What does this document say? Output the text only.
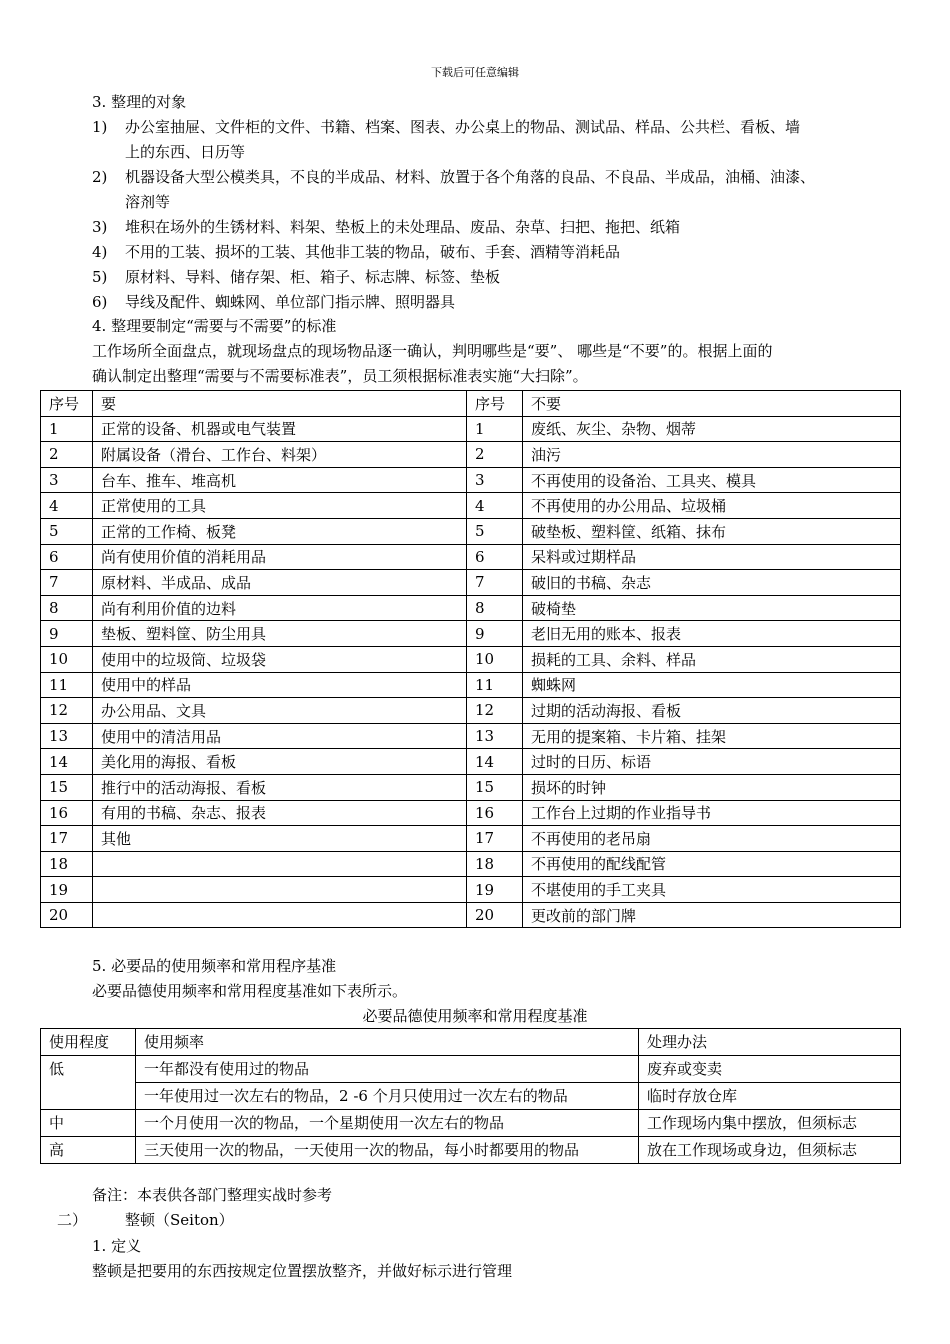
下载后可任意编辑
3. 整理的对象
1) 办公室抽屉、文件柜的文件、书籍、档案、图表、办公桌上的物品、测试品、样品、公共栏、看板、墙
上的东西、日历等
2) 机器设备大型公模类具，不良的半成品、材料、放置于各个角落的良品、不良品、半成品，油桶、油漆、
溶剂等
3) 堆积在场外的生锈材料、料架、垫板上的未处理品、废品、杂草、扫把、拖把、纸箱
4) 不用的工装、损坏的工装、其他非工装的物品，破布、手套、酒精等消耗品
5) 原材料、导料、储存架、柜、箱子、标志牌、标签、垫板
6) 导线及配件、蜘蛛网、单位部门指示牌、照明器具
4. 整理要制定“需要与不需要”的标准
工作场所全面盘点，就现场盘点的现场物品逐一确认，判明哪些是“要”、 哪些是“不要”的。根据上面的
确认制定出整理“需要与不需要标准表”，员工须根据标准表实施“大扫除”。
序号	要	序号	不要
1	正常的设备、机器或电气装置	1	废纸、灰尘、杂物、烟蒂
2	附属设备（滑台、工作台、料架）	2	油污
3	台车、推车、堆高机	3	不再使用的设备治、工具夹、模具
4	正常使用的工具	4	不再使用的办公用品、垃圾桶
5	正常的工作椅、板凳	5	破垫板、塑料筐、纸箱、抹布
6	尚有使用价值的消耗用品	6	呆料或过期样品
7	原材料、半成品、成品	7	破旧的书稿、杂志
8	尚有利用价值的边料	8	破椅垫
9	垫板、塑料筐、防尘用具	9	老旧无用的账本、报表
10	使用中的垃圾筒、垃圾袋	10	损耗的工具、余料、样品
11	使用中的样品	11	蜘蛛网
12	办公用品、文具	12	过期的活动海报、看板
13	使用中的清洁用品	13	无用的提案箱、卡片箱、挂架
14	美化用的海报、看板	14	过时的日历、标语
15	推行中的活动海报、看板	15	损坏的时钟
16	有用的书稿、杂志、报表	16	工作台上过期的作业指导书
17	其他	17	不再使用的老吊扇
18		18	不再使用的配线配管
19		19	不堪使用的手工夹具
20		20	更改前的部门牌
5. 必要品的使用频率和常用程序基准
必要品德使用频率和常用程度基准如下表所示。
必要品德使用频率和常用程度基准
使用程度	使用频率	处理办法
低	一年都没有使用过的物品	废弃或变卖
	一年使用过一次左右的物品，2 -6 个月只使用过一次左右的物品	临时存放仓库
中	一个月使用一次的物品，一个星期使用一次左右的物品	工作现场内集中摆放，但须标志
高	三天使用一次的物品，一天使用一次的物品，每小时都要用的物品	放在工作现场或身边，但须标志
备注：本表供各部门整理实战时参考
二）	整顿（Seiton）
1. 定义
整顿是把要用的东西按规定位置摆放整齐，并做好标示进行管理
